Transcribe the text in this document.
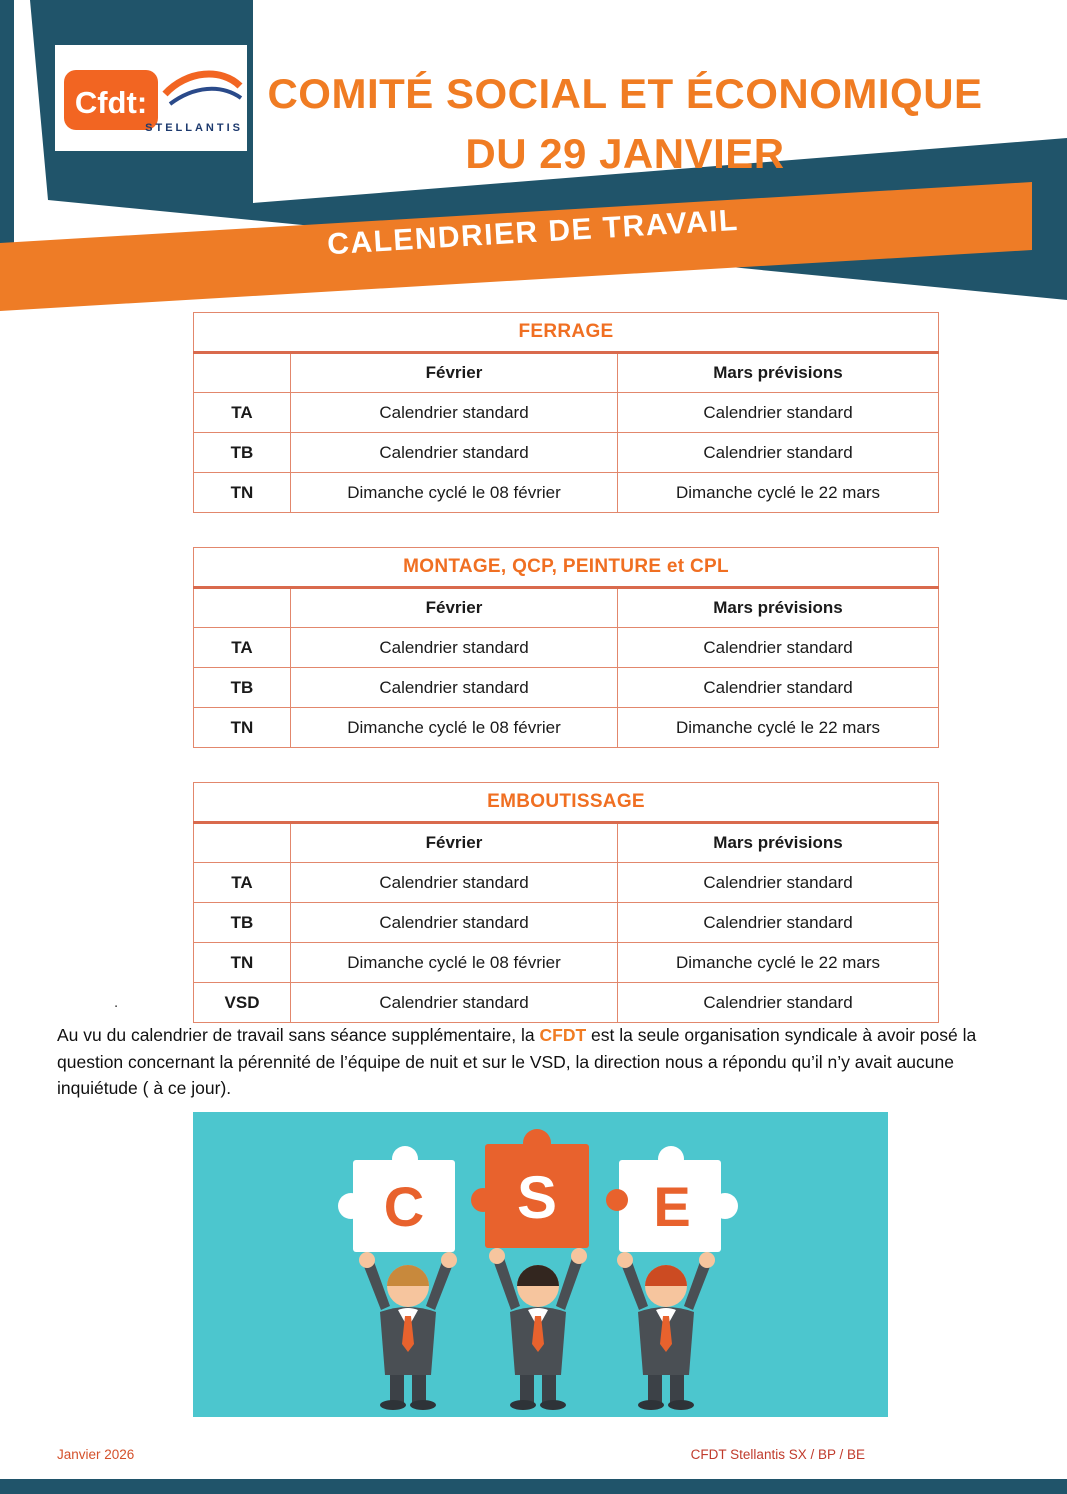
Cfdt:
STELLANTIS
COMITÉ SOCIAL ET ÉCONOMIQUE
DU 29 JANVIER
CALENDRIER DE TRAVAIL
FERRAGE		
	Février	Mars prévisions
TA	Calendrier standard	Calendrier standard
TB	Calendrier standard	Calendrier standard
TN	Dimanche cyclé le 08 février	Dimanche cyclé le 22 mars
MONTAGE, QCP, PEINTURE et CPL		
	Février	Mars prévisions
TA	Calendrier standard	Calendrier standard
TB	Calendrier standard	Calendrier standard
TN	Dimanche cyclé le 08 février	Dimanche cyclé le 22 mars
EMBOUTISSAGE		
	Février	Mars prévisions
TA	Calendrier standard	Calendrier standard
TB	Calendrier standard	Calendrier standard
TN	Dimanche cyclé le 08 février	Dimanche cyclé le 22 mars
VSD	Calendrier standard	Calendrier standard
.
Au vu du calendrier de travail sans séance supplémentaire, la CFDT est la seule organisation syndicale à avoir posé la question concernant la pérennité de l’équipe de nuit et sur le VSD, la direction nous a répondu qu’il n’y avait aucune inquiétude ( à ce jour).
C S E
Janvier 2026	CFDT Stellantis SX / BP / BE
